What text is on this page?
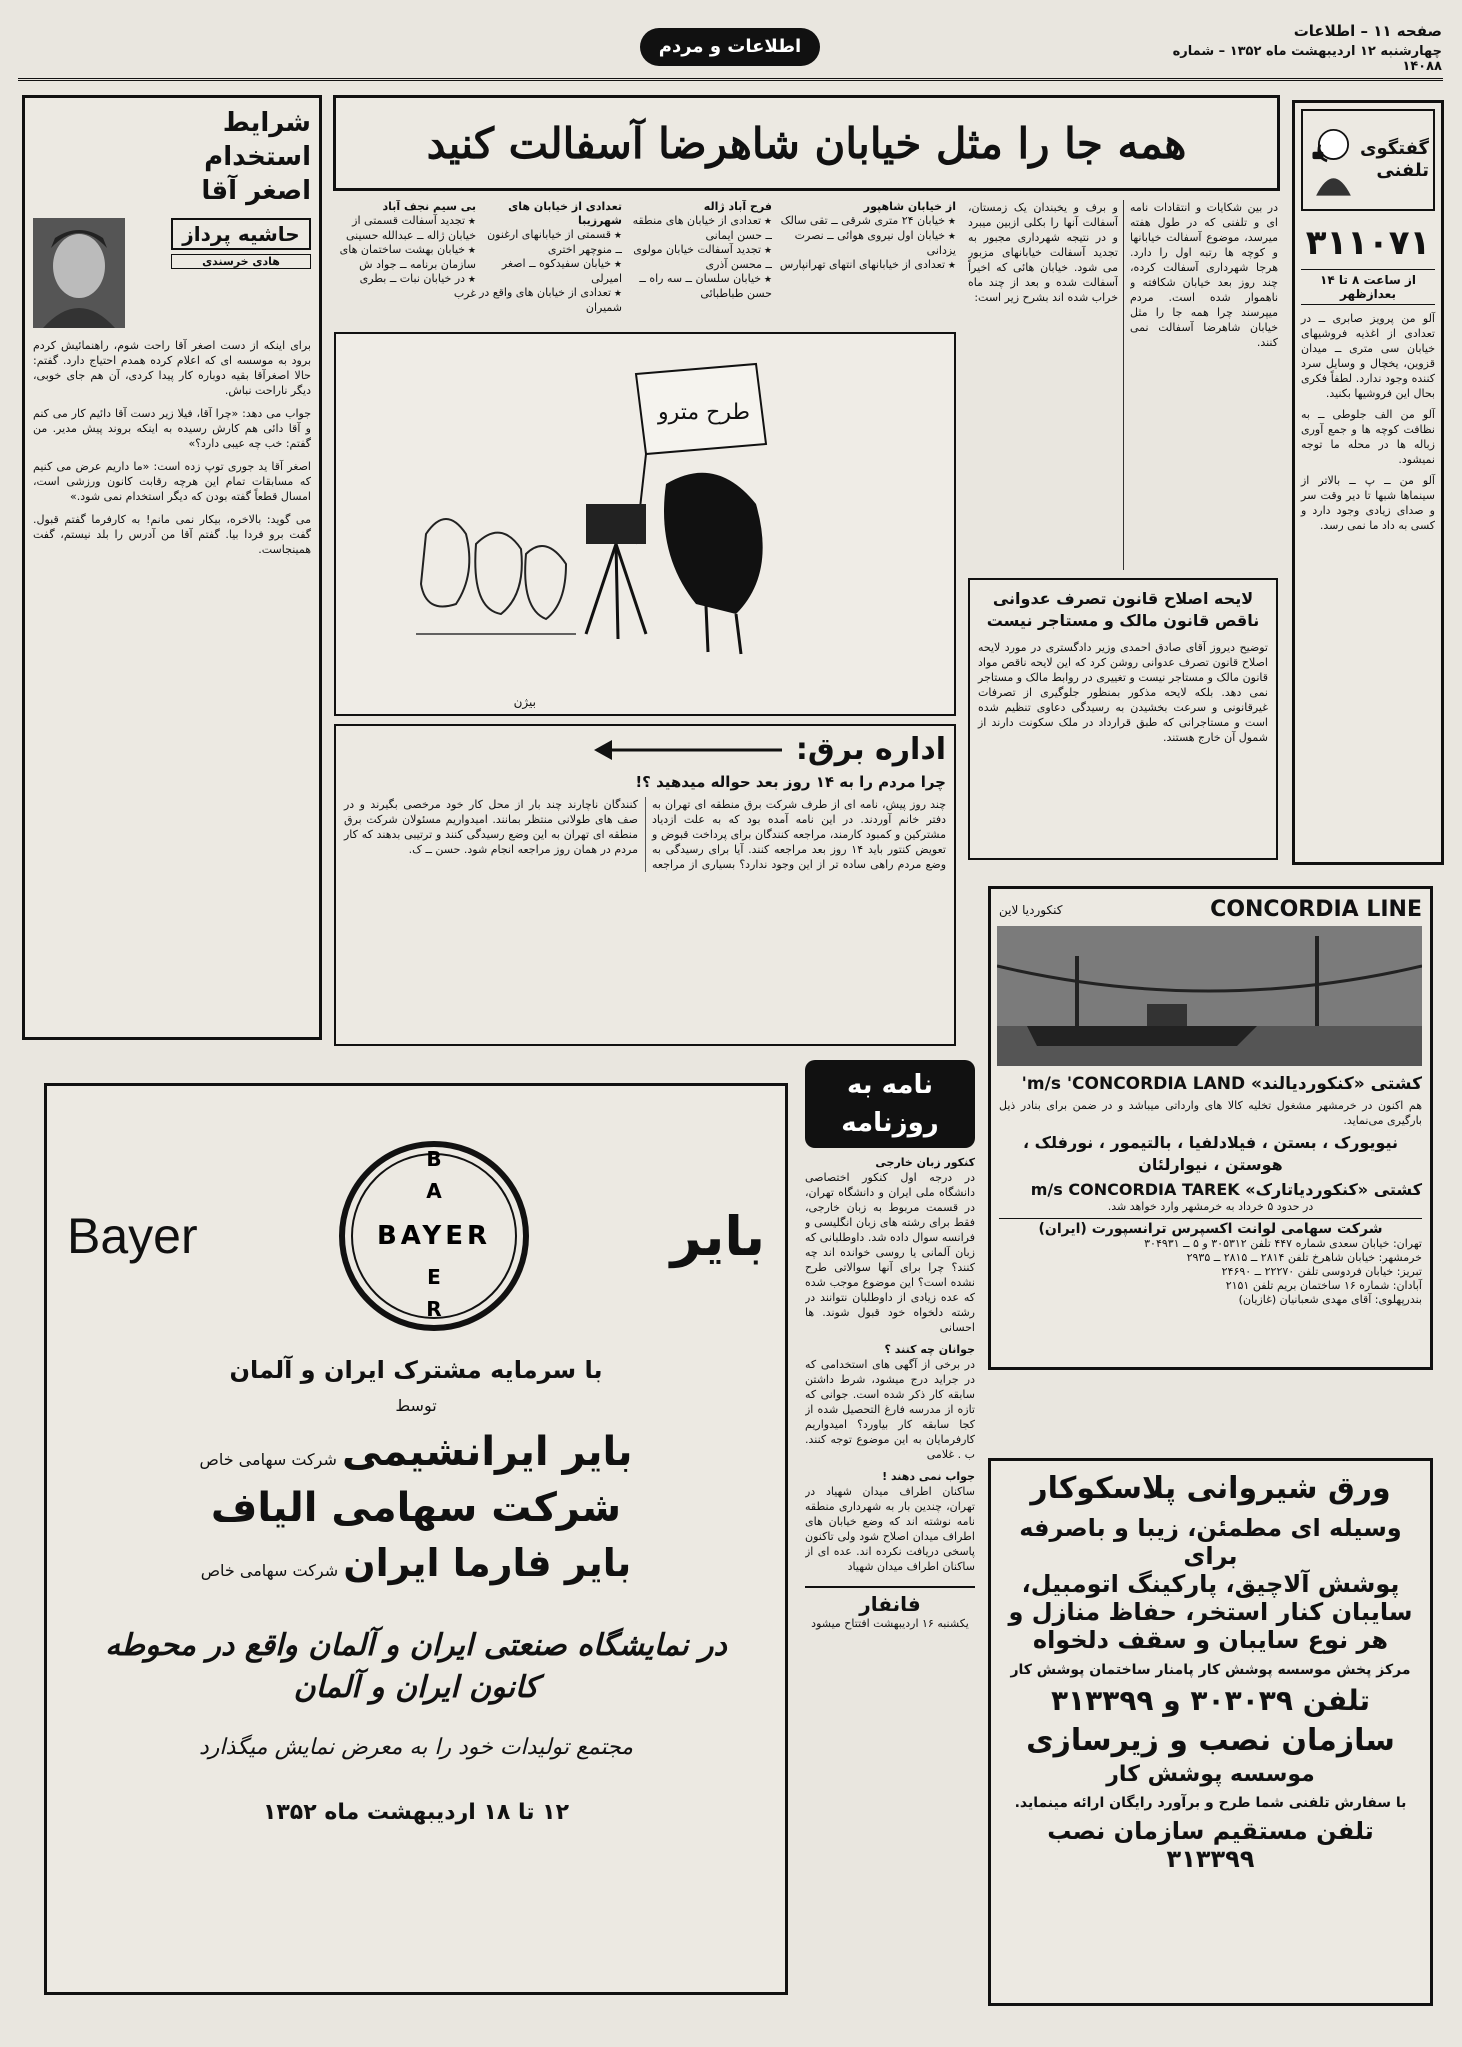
صفحه ۱۱ – اطلاعات
چهارشنبه ۱۲ اردیبهشت ماه ۱۳۵۲ – شماره ۱۴۰۸۸
اطلاعات و مردم
گفتگوی تلفنی
۳۱۱۰۷۱
از ساعت ۸ تا ۱۴ بعدازظهر
آلو من پرویز صابری ــ در تعدادی از اغذیه فروشیهای خیابان سی متری ــ میدان قزوین، یخچال و وسایل سرد کننده وجود ندارد. لطفاً فکری بحال این فروشیها بکنید.
آلو من الف جلوطی ــ به نظافت کوچه ها و جمع آوری زباله ها در محله ما توجه نمیشود.
آلو من ــ پ ــ بالاتر از سینماها شبها تا دیر وقت سر و صدای زیادی وجود دارد و کسی به داد ما نمی رسد.
همه جا را مثل خیابان شاهرضا آسفالت کنید
در بین شکایات و انتقادات نامه ای و تلفنی که در طول هفته میرسد، موضوع آسفالت خیابانها و کوچه ها رتبه اول را دارد. هرجا شهرداری آسفالت کرده، چند روز بعد خیابان شکافته و ناهموار شده است. مردم میپرسند چرا همه جا را مثل خیابان شاهرضا آسفالت نمی کنند.
و برف و یخبندان یک زمستان، آسفالت آنها را بکلی ازبین میبرد و در نتیجه شهرداری مجبور به تجدید آسفالت خیابانهای مزبور می شود. خیابان هائی که اخیراً آسفالت شده و بعد از چند ماه خراب شده اند بشرح زیر است:
از خیابان شاهپور
★ خیابان ۲۴ متری شرقی ــ تقی سالک
★ خیابان اول نیروی هوائی ــ نصرت یزدانی
★ تعدادی از خیابانهای انتهای تهرانپارس
فرح آباد ژاله
★ تعدادی از خیابان های منطقه ــ حسن ایمانی
★ تجدید آسفالت خیابان مولوی ــ محسن آذری
★ خیابان سلسان ــ سه راه ــ حسن طباطبائی
تعدادی از خیابان های شهرزیبا
★ قسمتی از خیابانهای ارغنون ــ منوچهر اختری
★ خیابان سفیدکوه ــ اصغر امیرلی
★ تعدادی از خیابان های واقع در شمیران
بی سیم نجف آباد
★ تجدید آسفالت قسمتی از خیابان ژاله ــ عبدالله حسینی
★ خیابان بهشت ساختمان های سازمان برنامه ــ جواد ش
★ در خیابان نبات ــ بطری غرب
طرح مترو
بیژن
لایحه اصلاح قانون تصرف عدوانی ناقص قانون مالک و مستاجر نیست
توضیح دیروز آقای صادق احمدی وزیر دادگستری در مورد لایحه اصلاح قانون تصرف عدوانی روشن کرد که این لایحه ناقص مواد قانون مالک و مستاجر نیست و تغییری در روابط مالک و مستاجر نمی دهد. بلکه لایحه مذکور بمنظور جلوگیری از تصرفات غیرقانونی و سرعت بخشیدن به رسیدگی دعاوی تنظیم شده است و مستاجرانی که طبق قرارداد در ملک سکونت دارند از شمول آن خارج هستند.
اداره برق:
چرا مردم را به ۱۴ روز بعد حواله میدهید ؟!
چند روز پیش، نامه ای از طرف شرکت برق منطقه ای تهران به دفتر خانم آوردند. در این نامه آمده بود که به علت ازدیاد مشترکین و کمبود کارمند، مراجعه کنندگان برای پرداخت قبوض و تعویض کنتور باید ۱۴ روز بعد مراجعه کنند. آیا برای رسیدگی به وضع مردم راهی ساده تر از این وجود ندارد؟ بسیاری از مراجعه کنندگان ناچارند چند بار از محل کار خود مرخصی بگیرند و در صف های طولانی منتظر بمانند. امیدواریم مسئولان شرکت برق منطقه ای تهران به این وضع رسیدگی کنند و ترتیبی بدهند که کار مردم در همان روز مراجعه انجام شود. حسن ــ ک.
شرایط استخدام اصغر آقا
حاشیه پرداز
هادی خرسندی
برای اینکه از دست اصغر آقا راحت شوم، راهنمائیش کردم برود به موسسه ای که اعلام کرده همدم احتیاج دارد. گفتم: حالا اصغرآقا بقیه دوباره کار پیدا کردی، آن هم جای خوبی، دیگر ناراحت نباش.
جواب می دهد: «چرا آقا، فیلا زیر دست آقا دائیم کار می کنم و آقا دائی هم کارش رسیده به اینکه بروند پیش مدیر. من گفتم: خب چه عیبی دارد؟»
اصغر آقا ید جوری توپ زده است: «ما داریم عرض می کنیم که مسابقات تمام این هرچه رقابت کانون ورزشی است، امسال قطعاً گفته بودن که دیگر استخدام نمی شود.»
می گوید: بالاخره، بیکار نمی مانم! به کارفرما گفتم قبول. گفت برو فردا بیا. گفتم آقا من آدرس را بلد نیستم، گفت همینجاست.
CONCORDIA LINE
کنکوردیا لاین
کشتی «کنکوردیالند» m/s 'CONCORDIA LAND'
هم اکنون در خرمشهر مشغول تخلیه کالا های وارداتی میباشد و در ضمن برای بنادر ذیل بارگیری می‌نماید.
نیویورک ، بستن ، فیلادلفیا ، بالتیمور ، نورفلک ، هوستن ، نیوارلئان
کشتی «کنکوردیاتارک» m/s CONCORDIA TAREK
در حدود ۵ خرداد به خرمشهر وارد خواهد شد.
شرکت سهامی لوانت اکسپرس ترانسپورت (ایران)
تهران: خیابان سعدی شماره ۴۴۷ تلفن ۳۰۵۳۱۲ و ۵ ــ ۳۰۴۹۳۱
خرمشهر: خیابان شاهرخ تلفن ۲۸۱۴ ــ ۲۸۱۵ ــ ۲۹۳۵
تبریز: خیابان فردوسی تلفن ۲۲۲۷۰ ــ ۲۴۶۹۰
آبادان: شماره ۱۶ ساختمان بریم تلفن ۲۱۵۱
بندرپهلوی: آقای مهدی شعبانیان (غازیان)
Bayer
B
A
BAYER
E
R
بایر
با سرمایه مشترک ایران و آلمان
توسط
بایر ایرانشیمی شرکت سهامی خاص
شرکت سهامی الیاف
بایر فارما ایران شرکت سهامی خاص
در نمایشگاه صنعتی ایران و آلمان واقع در محوطه کانون ایران و آلمان
مجتمع تولیدات خود را به معرض نمایش میگذارد
۱۲ تا ۱۸ اردیبهشت ماه ۱۳۵۲
نامه به روزنامه
کنکور زبان خارجی
در درجه اول کنکور اختصاصی دانشگاه ملی ایران و دانشگاه تهران، در قسمت مربوط به زبان خارجی، فقط برای رشته های زبان انگلیسی و فرانسه سوال داده شد. داوطلبانی که زبان آلمانی یا روسی خوانده اند چه کنند؟ چرا برای آنها سوالاتی طرح نشده است؟ این موضوع موجب شده که عده زیادی از داوطلبان نتوانند در رشته دلخواه خود قبول شوند. ها احسانی
جوانان چه کنند ؟
در برخی از آگهی های استخدامی که در جراید درج میشود، شرط داشتن سابقه کار ذکر شده است. جوانی که تازه از مدرسه فارغ التحصیل شده از کجا سابقه کار بیاورد؟ امیدواریم کارفرمایان به این موضوع توجه کنند. ب . غلامی
جواب نمی دهند !
ساکنان اطراف میدان شهیاد در تهران، چندین بار به شهرداری منطقه نامه نوشته اند که وضع خیابان های اطراف میدان اصلاح شود ولی تاکنون پاسخی دریافت نکرده اند. عده ای از ساکنان اطراف میدان شهیاد
فانفار
یکشنبه ۱۶ اردیبهشت افتتاح میشود
ورق شیروانی پلاسکوکار
وسیله ای مطمئن، زیبا و باصرفه برای
پوشش آلاچیق، پارکینگ اتومبیل،
سایبان کنار استخر، حفاظ منازل و
هر نوع سایبان و سقف دلخواه
مرکز پخش موسسه پوشش کار پامنار ساختمان پوشش کار
تلفن ۳۰۳۰۳۹ و ۳۱۳۳۹۹
سازمان نصب و زیرسازی
موسسه پوشش کار
با سفارش تلفنی شما طرح و برآورد رایگان ارائه مینماید.
تلفن مستقیم سازمان نصب ۳۱۳۳۹۹
